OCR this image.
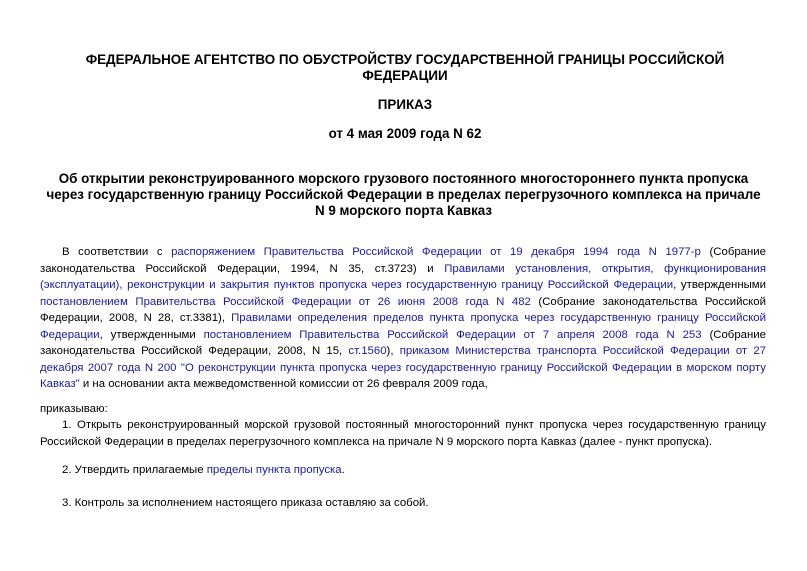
ФЕДЕРАЛЬНОЕ АГЕНТСТВО ПО ОБУСТРОЙСТВУ ГОСУДАРСТВЕННОЙ ГРАНИЦЫ РОССИЙСКОЙ
ФЕДЕРАЦИИ
ПРИКАЗ
от 4 мая 2009 года N 62
Об открытии реконструированного морского грузового постоянного многостороннего пункта пропуска
через государственную границу Российской Федерации в пределах перегрузочного комплекса на причале
N 9 морского порта Кавказ

В соответствии с распоряжением Правительства Российской Федерации от 19 декабря 1994 года N 1977-р (Собрание законодательства Российской Федерации, 1994, N 35, ст.3723) и Правилами установления, открытия, функционирования (эксплуатации), реконструкции и закрытия пунктов пропуска через государственную границу Российской Федерации, утвержденными постановлением Правительства Российской Федерации от 26 июня 2008 года N 482 (Собрание законодательства Российской Федерации, 2008, N 28, ст.3381), Правилами определения пределов пункта пропуска через государственную границу Российской Федерации, утвержденными постановлением Правительства Российской Федерации от 7 апреля 2008 года N 253 (Собрание законодательства Российской Федерации, 2008, N 15, ст.1560), приказом Министерства транспорта Российской Федерации от 27 декабря 2007 года N 200 "О реконструкции пункта пропуска через государственную границу Российской Федерации в морском порту Кавказ" и на основании акта межведомственной комиссии от 26 февраля 2009 года,

приказываю:

1. Открыть реконструированный морской грузовой постоянный многосторонний пункт пропуска через государственную границу Российской Федерации в пределах перегрузочного комплекса на причале N 9 морского порта Кавказ (далее - пункт пропуска).

2. Утвердить прилагаемые пределы пункта пропуска.

3. Контроль за исполнением настоящего приказа оставляю за собой.
